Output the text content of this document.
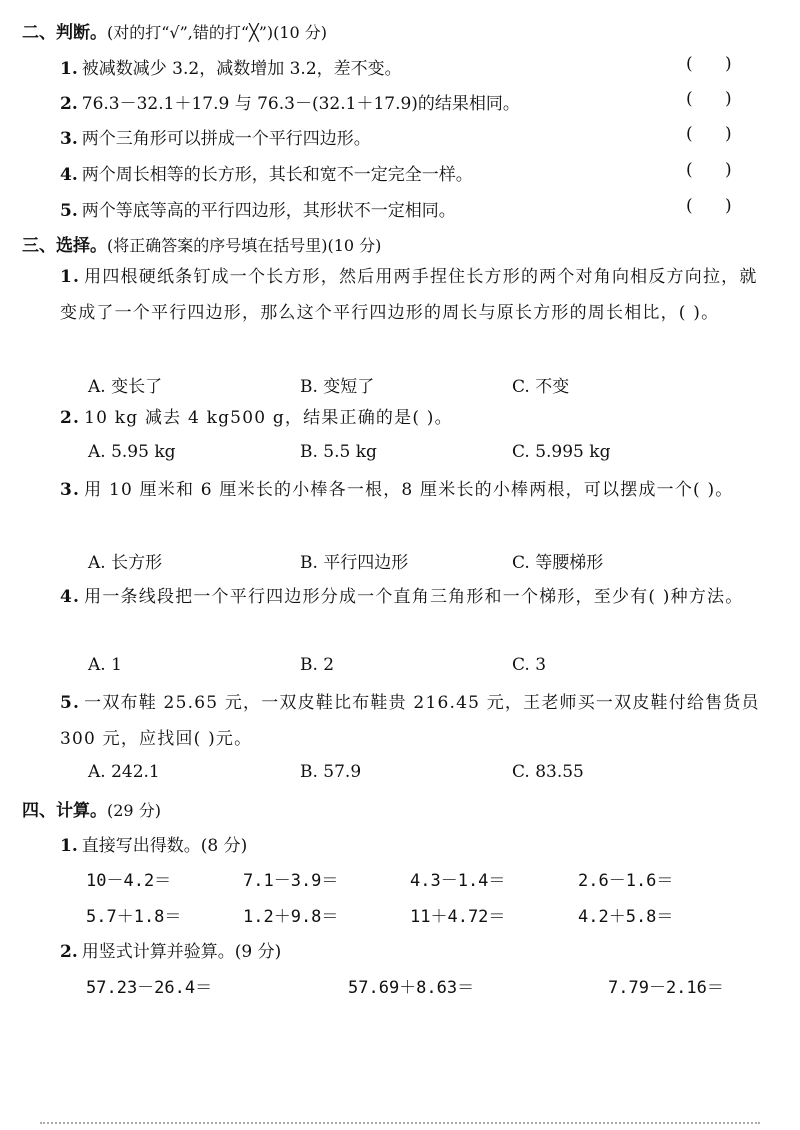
二、判断。(对的打“√”,错的打“╳”)(10 分)
1. 被减数减少 3.2，减数增加 3.2，差不变。	(      )
2. 76.3－32.1＋17.9 与 76.3－(32.1＋17.9)的结果相同。	(      )
3. 两个三角形可以拼成一个平行四边形。	(      )
4. 两个周长相等的长方形，其长和宽不一定完全一样。	(      )
5. 两个等底等高的平行四边形，其形状不一定相同。	(      )
三、选择。(将正确答案的序号填在括号里)(10 分)
1. 用四根硬纸条钉成一个长方形，然后用两手捏住长方形的两个对角向相反方向拉，就变成了一个平行四边形，那么这个平行四边形的周长与原长方形的周长相比，( )。
A. 变长了	B. 变短了	C. 不变
2. 10 kg 减去 4 kg500 g，结果正确的是( )。
A. 5.95 kg	B. 5.5 kg	C. 5.995 kg
3. 用 10 厘米和 6 厘米长的小棒各一根，8 厘米长的小棒两根，可以摆成一个( )。
A. 长方形	B. 平行四边形	C. 等腰梯形
4. 用一条线段把一个平行四边形分成一个直角三角形和一个梯形，至少有( )种方法。
A. 1	B. 2	C. 3
5. 一双布鞋 25.65 元，一双皮鞋比布鞋贵 216.45 元，王老师买一双皮鞋付给售货员 300 元，应找回( )元。
A. 242.1	B. 57.9	C. 83.55
四、计算。(29 分)
1. 直接写出得数。(8 分)
10－4.2＝	7.1－3.9＝	4.3－1.4＝	2.6－1.6＝
5.7＋1.8＝	1.2＋9.8＝	11＋4.72＝	4.2＋5.8＝
2. 用竖式计算并验算。(9 分)
57.23－26.4＝	57.69＋8.63＝	7.79－2.16＝
